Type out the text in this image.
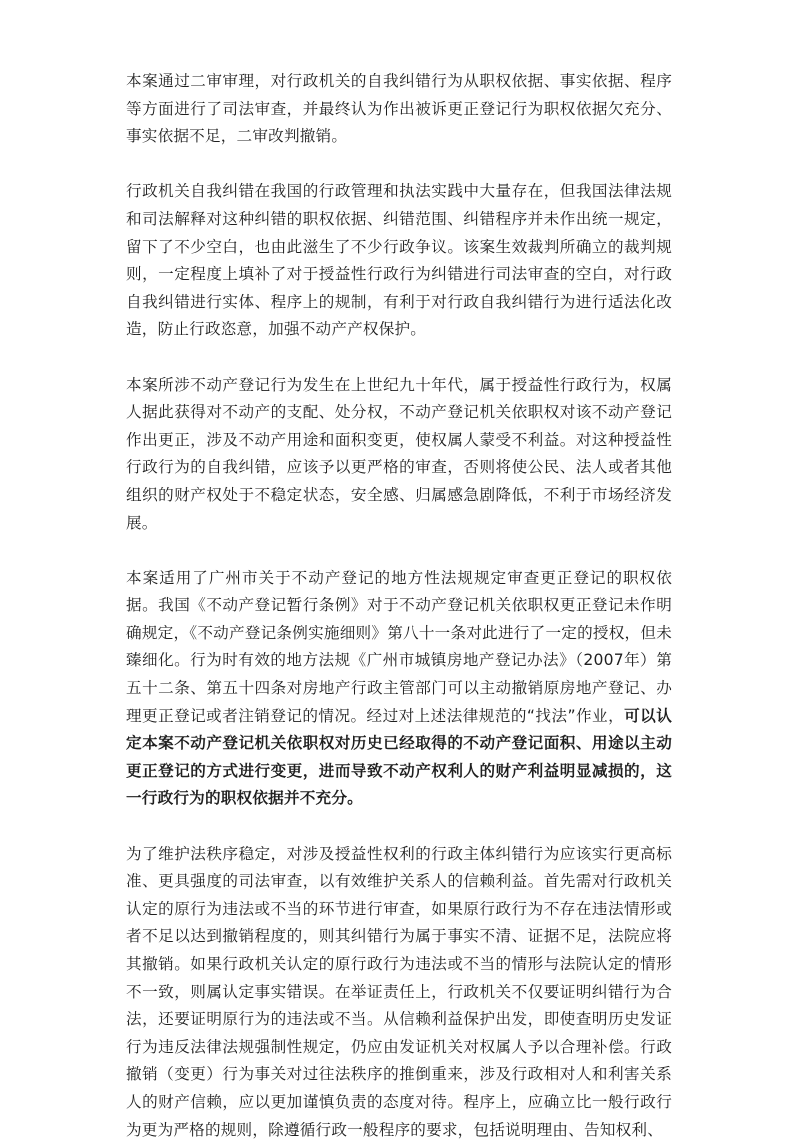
本案通过二审审理，对行政机关的自我纠错行为从职权依据、事实依据、程序等方面进行了司法审查，并最终认为作出被诉更正登记行为职权依据欠充分、事实依据不足，二审改判撤销。

行政机关自我纠错在我国的行政管理和执法实践中大量存在，但我国法律法规和司法解释对这种纠错的职权依据、纠错范围、纠错程序并未作出统一规定，留下了不少空白，也由此滋生了不少行政争议。该案生效裁判所确立的裁判规则，一定程度上填补了对于授益性行政行为纠错进行司法审查的空白，对行政自我纠错进行实体、程序上的规制，有利于对行政自我纠错行为进行适法化改造，防止行政恣意，加强不动产产权保护。

本案所涉不动产登记行为发生在上世纪九十年代，属于授益性行政行为，权属人据此获得对不动产的支配、处分权，不动产登记机关依职权对该不动产登记作出更正，涉及不动产用途和面积变更，使权属人蒙受不利益。对这种授益性行政行为的自我纠错，应该予以更严格的审查，否则将使公民、法人或者其他组织的财产权处于不稳定状态，安全感、归属感急剧降低，不利于市场经济发展。

本案适用了广州市关于不动产登记的地方性法规规定审查更正登记的职权依据。我国《不动产登记暂行条例》对于不动产登记机关依职权更正登记未作明确规定，《不动产登记条例实施细则》第八十一条对此进行了一定的授权，但未臻细化。行为时有效的地方法规《广州市城镇房地产登记办法》（2007年）第五十二条、第五十四条对房地产行政主管部门可以主动撤销原房地产登记、办理更正登记或者注销登记的情况。经过对上述法律规范的“找法”作业，可以认定本案不动产登记机关依职权对历史已经取得的不动产登记面积、用途以主动更正登记的方式进行变更，进而导致不动产权利人的财产利益明显减损的，这一行政行为的职权依据并不充分。

为了维护法秩序稳定，对涉及授益性权利的行政主体纠错行为应该实行更高标准、更具强度的司法审查，以有效维护关系人的信赖利益。首先需对行政机关认定的原行为违法或不当的环节进行审查，如果原行政行为不存在违法情形或者不足以达到撤销程度的，则其纠错行为属于事实不清、证据不足，法院应将其撤销。如果行政机关认定的原行政行为违法或不当的情形与法院认定的情形不一致，则属认定事实错误。在举证责任上，行政机关不仅要证明纠错行为合法，还要证明原行为的违法或不当。从信赖利益保护出发，即使查明历史发证行为违反法律法规强制性规定，仍应由发证机关对权属人予以合理补偿。行政撤销（变更）行为事关对过往法秩序的推倒重来，涉及行政相对人和利害关系人的财产信赖，应以更加谨慎负责的态度对待。程序上，应确立比一般行政行为更为严格的规则，除遵循行政一般程序的要求，包括说明理由、告知权利、
